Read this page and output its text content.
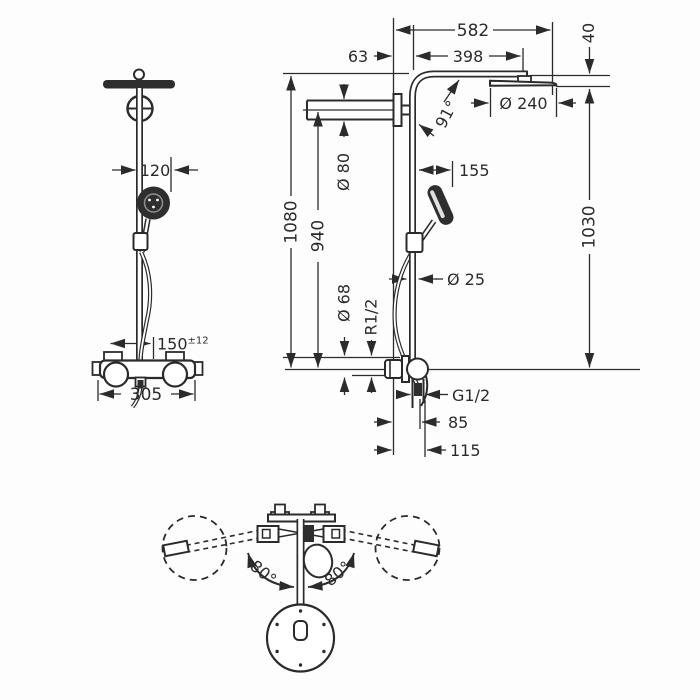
582
63	398
40
91° Ø 240
Ø 80	155
1080 940	1030
Ø 25
Ø 68 R1/2
G1/2
85
115
120
$150^{\pm 12}$
305
80°	80°
